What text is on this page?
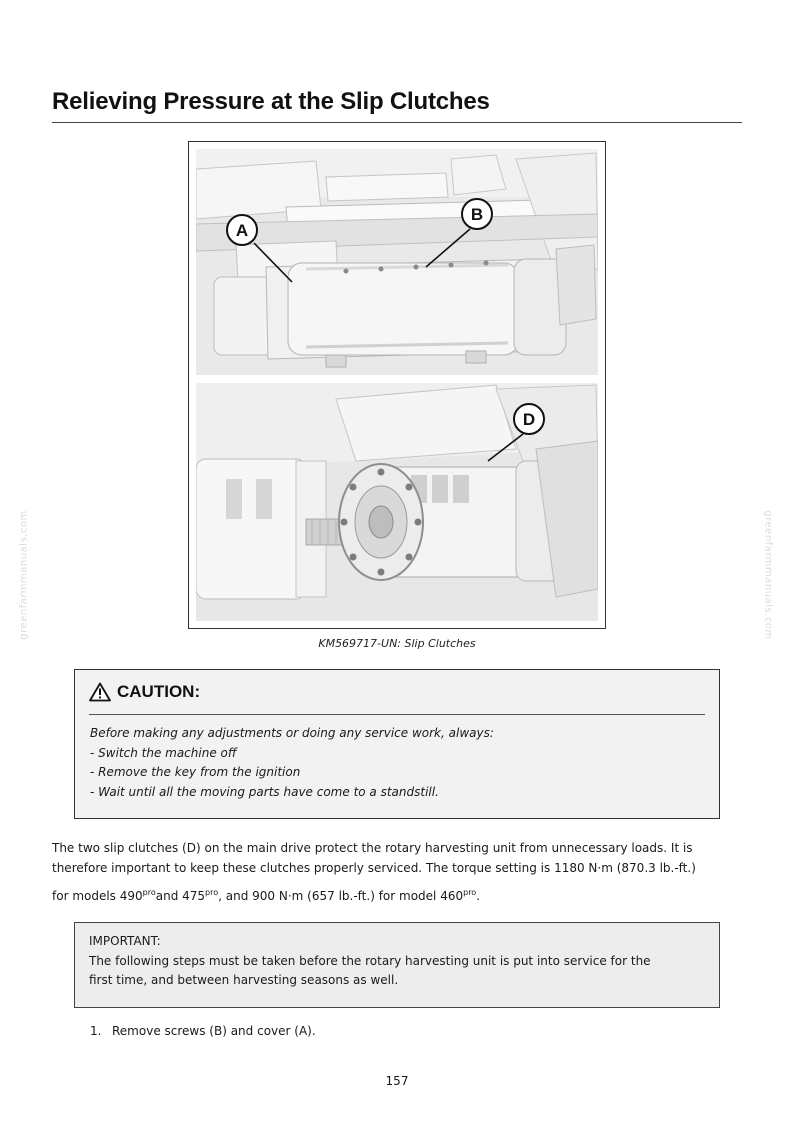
Relieving Pressure at the Slip Clutches
A
B
D
KM569717-UN: Slip Clutches
greenfarmmanuals.com	greenfarmmanuals.com
CAUTION:
Before making any adjustments or doing any service work, always:
- Switch the machine off
- Remove the key from the ignition
- Wait until all the moving parts have come to a standstill.
The two slip clutches (D) on the main drive protect the rotary harvesting unit from unnecessary loads. It is
therefore important to keep these clutches properly serviced. The torque setting is 1180 N·m (870.3 lb.-ft.)
for models $490^{pro}and$ $475^{pro}$, and 900 N·m (657 lb.-ft.) for model $460^{pro}$.
IMPORTANT:
The following steps must be taken before the rotary harvesting unit is put into service for the
first time, and between harvesting seasons as well.
1. Remove screws (B) and cover (A).
157
